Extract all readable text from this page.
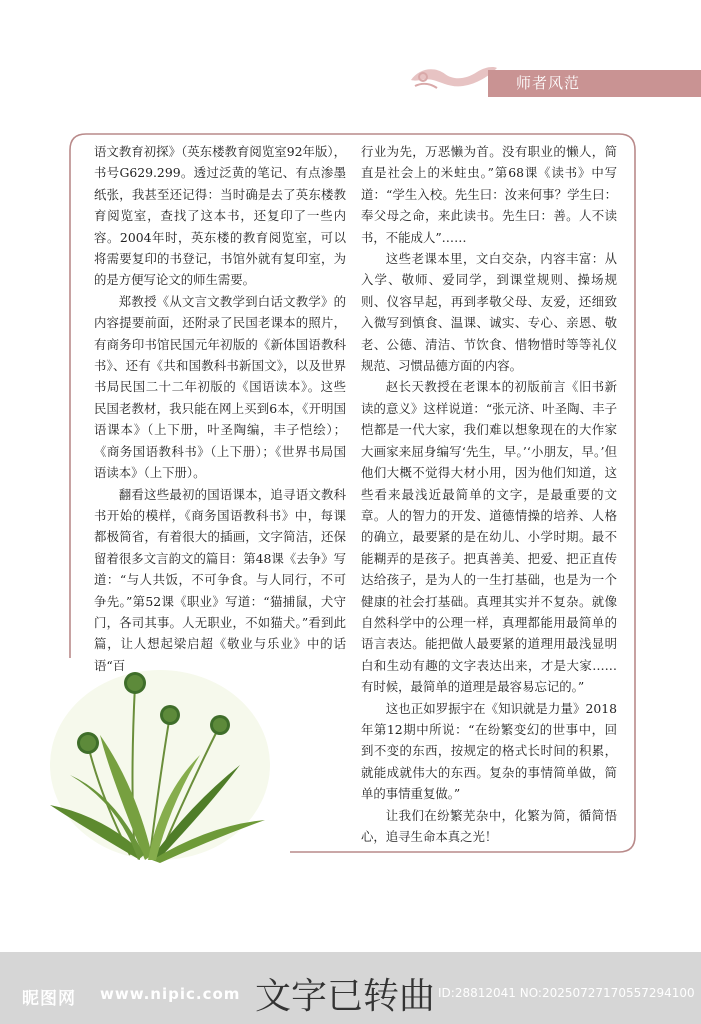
师者风范

语文教育初探》（英东楼教育阅览室92年版），书号G629.299。透过泛黄的笔记、有点渗墨纸张，我甚至还记得：当时确是去了英东楼教育阅览室，查找了这本书，还复印了一些内容。2004年时，英东楼的教育阅览室，可以将需要复印的书登记，书馆外就有复印室，为的是方便写论文的师生需要。

郑教授《从文言文教学到白话文教学》的内容提要前面，还附录了民国老课本的照片，有商务印书馆民国元年初版的《新体国语教科书》、还有《共和国教科书新国文》，以及世界书局民国二十二年初版的《国语读本》。这些民国老教材，我只能在网上买到6本，《开明国语课本》（上下册，叶圣陶编，丰子恺绘）；《商务国语教科书》（上下册）；《世界书局国语读本》（上下册）。

翻看这些最初的国语课本，追寻语文教科书开始的模样，《商务国语教科书》中，每课都极简省，有着很大的插画，文字简洁，还保留着很多文言韵文的篇目：第48课《去争》写道：“与人共饭，不可争食。与人同行，不可争先。”第52课《职业》写道：“猫捕鼠，犬守门，各司其事。人无职业，不如猫犬。”看到此篇，让人想起梁启超《敬业与乐业》中的话语“百

行业为先，万恶懒为首。没有职业的懒人，简直是社会上的米蛀虫。”第68课《读书》中写道：“学生入校。先生曰：汝来何事？学生曰：奉父母之命，来此读书。先生曰：善。人不读书，不能成人”……

这些老课本里，文白交杂，内容丰富：从入学、敬师、爱同学，到课堂规则、操场规则、仪容早起，再到孝敬父母、友爱，还细致入微写到慎食、温课、诚实、专心、亲恩、敬老、公德、清洁、节饮食、惜物惜时等等礼仪规范、习惯品德方面的内容。

赵长天教授在老课本的初版前言《旧书新读的意义》这样说道：“张元济、叶圣陶、丰子恺都是一代大家，我们难以想象现在的大作家大画家来屈身编写‘先生，早。’‘小朋友，早。’但他们大概不觉得大材小用，因为他们知道，这些看来最浅近最简单的文字，是最重要的文章。人的智力的开发、道德情操的培养、人格的确立，最要紧的是在幼儿、小学时期。最不能糊弄的是孩子。把真善美、把爱、把正直传达给孩子，是为人的一生打基础，也是为一个健康的社会打基础。真理其实并不复杂。就像自然科学中的公理一样，真理都能用最简单的语言表达。能把做人最要紧的道理用最浅显明白和生动有趣的文字表达出来，才是大家……有时候，最简单的道理是最容易忘记的。”

这也正如罗振宇在《知识就是力量》2018年第12期中所说：“在纷繁变幻的世事中，回到不变的东西，按规定的格式长时间的积累，就能成就伟大的东西。复杂的事情简单做，简单的事情重复做。”

让我们在纷繁芜杂中，化繁为简，循简悟心，追寻生命本真之光！

昵图网 www.nipic.com 文字已转曲 ID:28812041 NO:20250727170557294100
